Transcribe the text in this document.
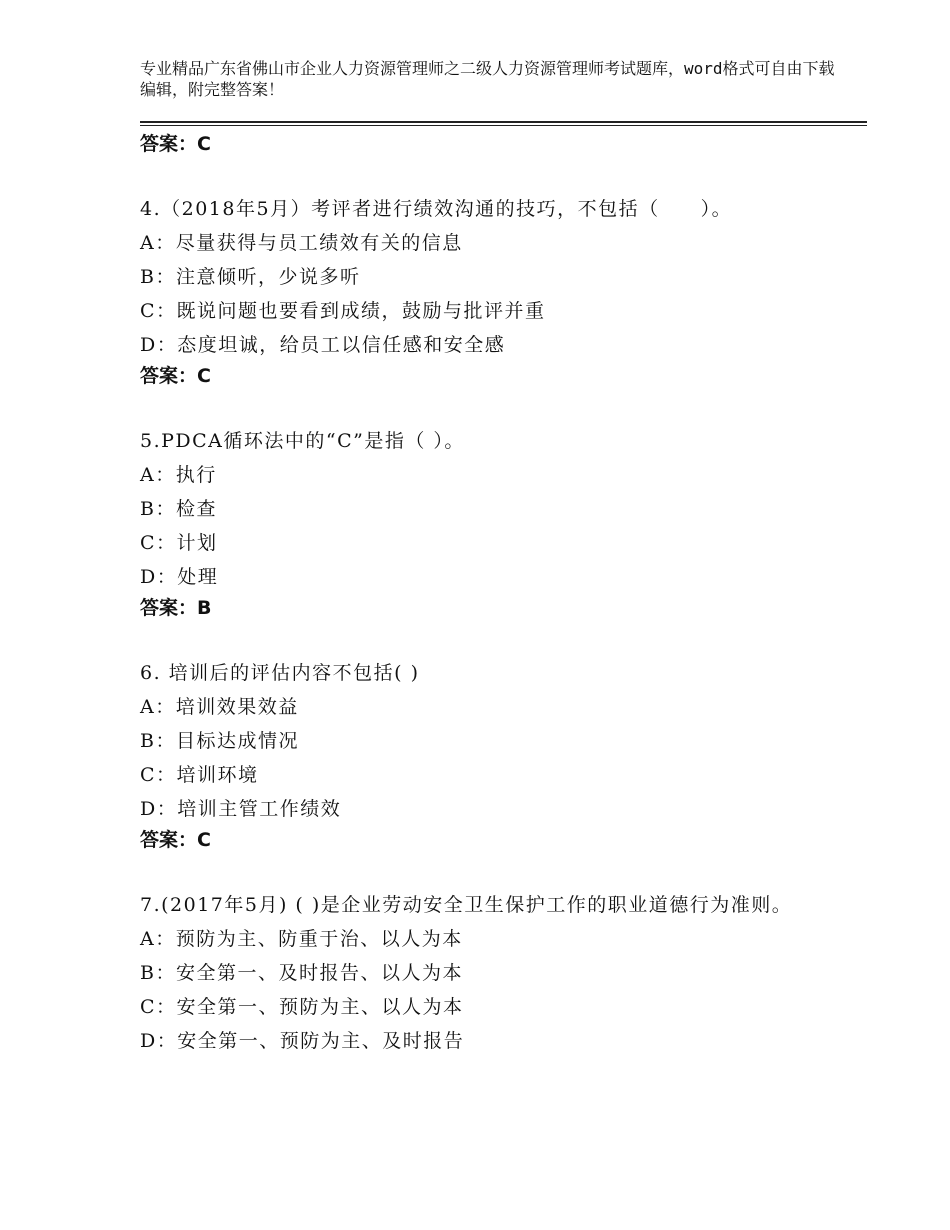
专业精品广东省佛山市企业人力资源管理师之二级人力资源管理师考试题库，word格式可自由下载编辑，附完整答案！

答案：C

4.（2018年5月）考评者进行绩效沟通的技巧，不包括（　　）。

A：尽量获得与员工绩效有关的信息

B：注意倾听，少说多听

C：既说问题也要看到成绩，鼓励与批评并重

D：态度坦诚，给员工以信任感和安全感

答案：C

5.PDCA循环法中的“C”是指（ ）。

A：执行

B：检查

C：计划

D：处理

答案：B

6. 培训后的评估内容不包括( )

A：培训效果效益

B：目标达成情况

C：培训环境

D：培训主管工作绩效

答案：C

7.(2017年5月) ( )是企业劳动安全卫生保护工作的职业道德行为准则。

A：预防为主、防重于治、以人为本

B：安全第一、及时报告、以人为本

C：安全第一、预防为主、以人为本

D：安全第一、预防为主、及时报告
